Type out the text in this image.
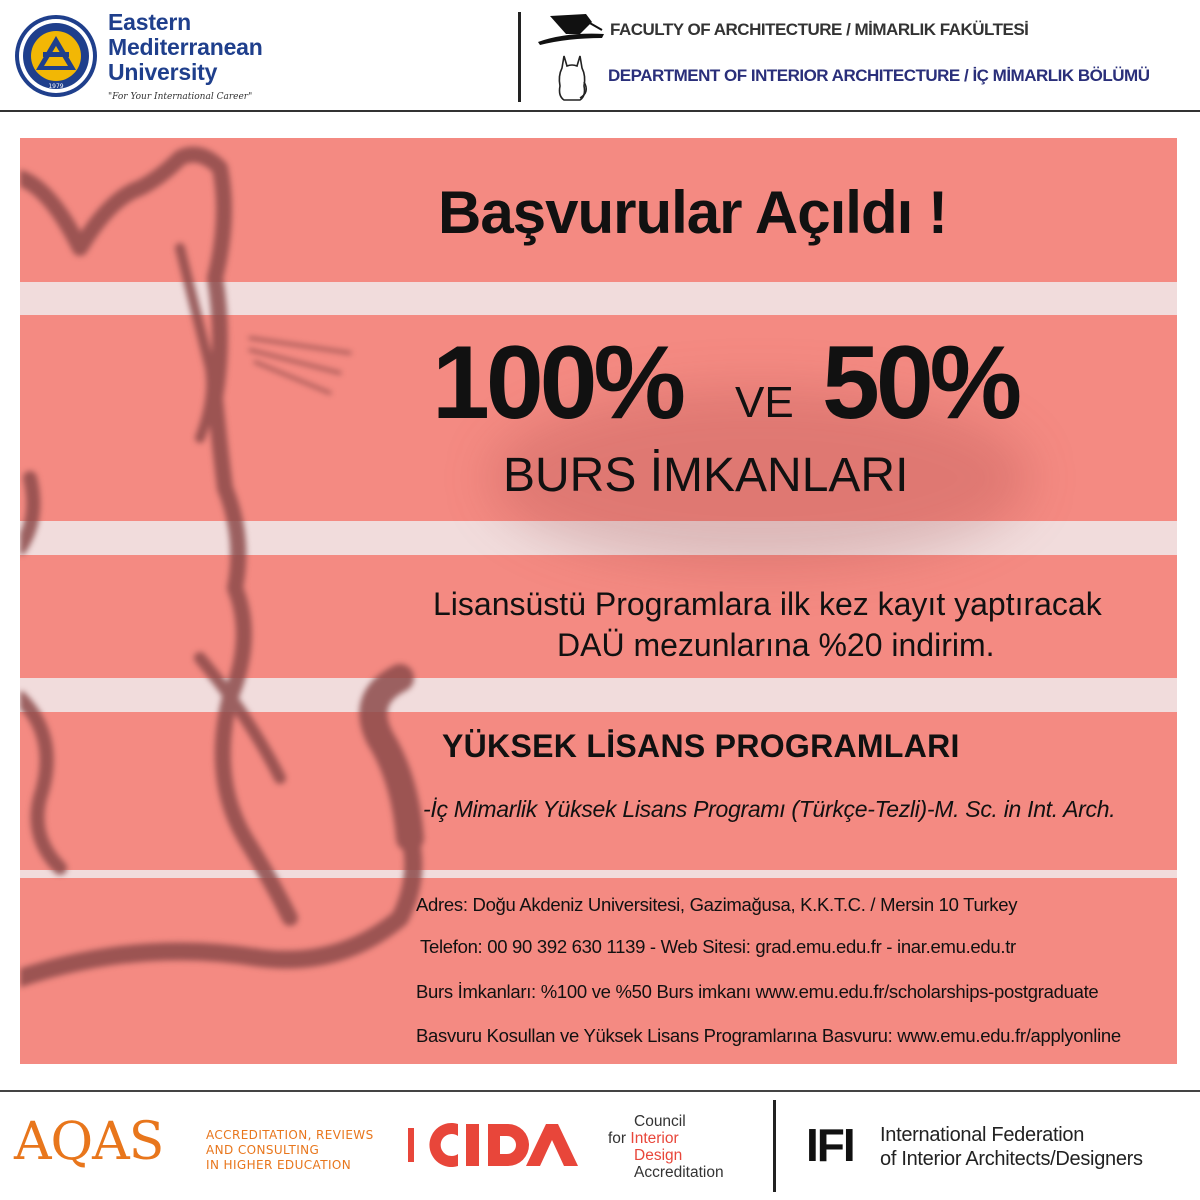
1979
Eastern
Mediterranean
University
"For Your International Career"
FACULTY OF ARCHITECTURE / MİMARLIK FAKÜLTESİ
DEPARTMENT OF INTERIOR ARCHITECTURE / İÇ MİMARLIK BÖLÜMÜ
Başvurular Açıldı !
100% VE 50%
BURS İMKANLARI
Lisansüstü Programlara ilk kez kayıt yaptıracak
DAÜ mezunlarına %20 indirim.
YÜKSEK LİSANS PROGRAMLARI
-İç Mimarlik Yüksek Lisans Programı (Türkçe-Tezli)-M. Sc. in Int. Arch.
Adres: Doğu Akdeniz Universitesi, Gazimağusa, K.K.T.C. / Mersin 10 Turkey
Telefon: 00 90 392 630 1139 - Web Sitesi: grad.emu.edu.fr - inar.emu.edu.tr
Burs İmkanları: %100 ve %50 Burs imkanı www.emu.edu.fr/scholarships-postgraduate
Basvuru Kosullan ve Yüksek Lisans Programlarına Basvuru: www.emu.edu.fr/applyonline
AQAS	ACCREDITATION, REVIEWS
AND CONSULTING
IN HIGHER EDUCATION
CIDA
Council
for Interior
Design
Accreditation
IFI International Federation
of Interior Architects/Designers
